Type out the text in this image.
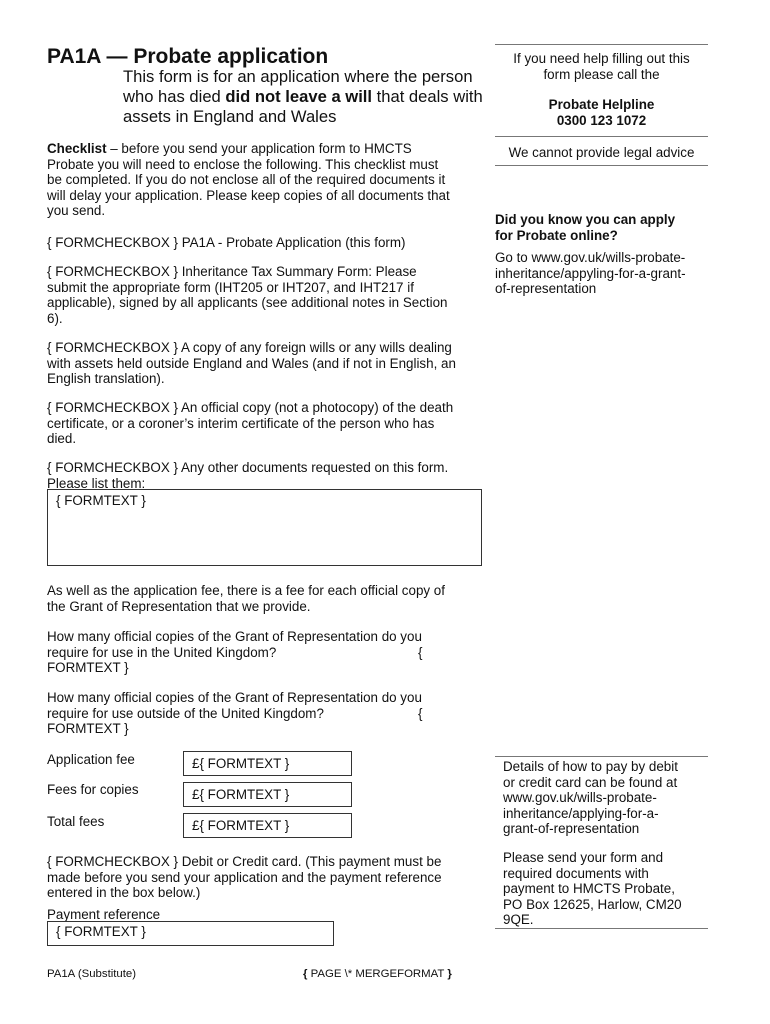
PA1A — Probate application
This form is for an application where the person who has died did not leave a will that deals with assets in England and Wales
If you need help filling out this
form please call the
Probate Helpline
0300 123 1072
We cannot provide legal advice
Did you know you can apply
for Probate online?
Go to www.gov.uk/wills-probate-
inheritance/appyling-for-a-grant-
of-representation
Details of how to pay by debit
or credit card can be found at
www.gov.uk/wills-probate-
inheritance/applying-for-a-
grant-of-representation
Please send your form and
required documents with
payment to HMCTS Probate,
PO Box 12625, Harlow, CM20
9QE.
Checklist – before you send your application form to HMCTS
Probate you will need to enclose the following. This checklist must
be completed. If you do not enclose all of the required documents it
will delay your application. Please keep copies of all documents that
you send.
{ FORMCHECKBOX } PA1A - Probate Application (this form)
{ FORMCHECKBOX } Inheritance Tax Summary Form: Please
submit the appropriate form (IHT205 or IHT207, and IHT217 if
applicable), signed by all applicants (see additional notes in Section
6).
{ FORMCHECKBOX } A copy of any foreign wills or any wills dealing
with assets held outside England and Wales (and if not in English, an
English translation).
{ FORMCHECKBOX } An official copy (not a photocopy) of the death
certificate, or a coroner’s interim certificate of the person who has
died.
{ FORMCHECKBOX } Any other documents requested on this form.
Please list them:
{ FORMTEXT }
As well as the application fee, there is a fee for each official copy of
the Grant of Representation that we provide.
How many official copies of the Grant of Representation do you
require for use in the United Kingdom?	{
FORMTEXT }
How many official copies of the Grant of Representation do you
require for use outside of the United Kingdom?	{
FORMTEXT }
Application fee	£{ FORMTEXT }
Fees for copies	£{ FORMTEXT }
Total fees	£{ FORMTEXT }
{ FORMCHECKBOX } Debit or Credit card. (This payment must be
made before you send your application and the payment reference
entered in the box below.)
Payment reference
{ FORMTEXT }
PA1A (Substitute)	{ PAGE \* MERGEFORMAT }
